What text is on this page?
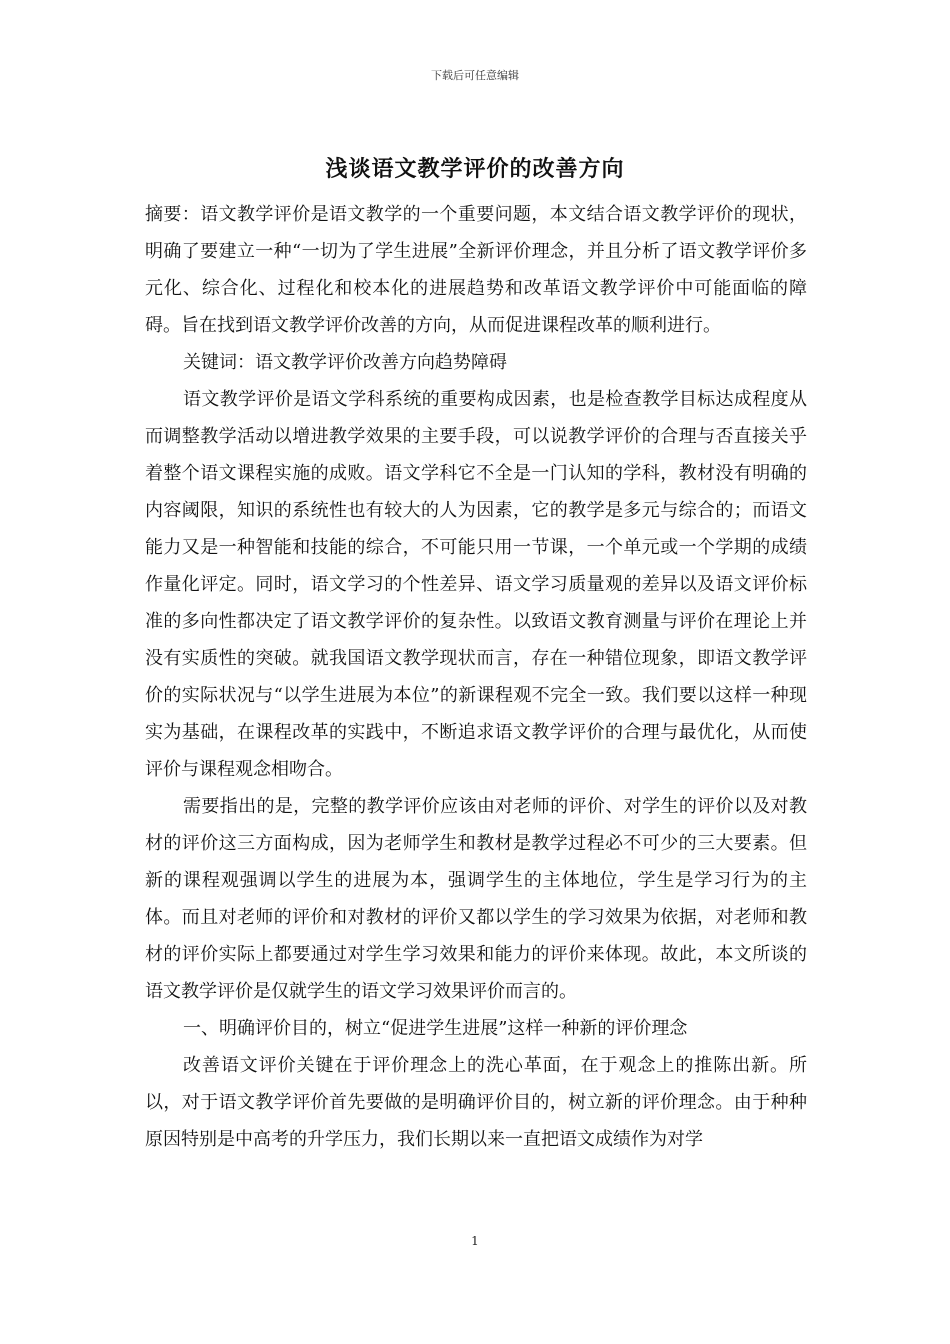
下载后可任意编辑
浅谈语文教学评价的改善方向

摘要：语文教学评价是语文教学的一个重要问题，本文结合语文教学评价的现状，明确了要建立一种“一切为了学生进展”全新评价理念，并且分析了语文教学评价多元化、综合化、过程化和校本化的进展趋势和改革语文教学评价中可能面临的障碍。旨在找到语文教学评价改善的方向，从而促进课程改革的顺利进行。

关键词：语文教学评价改善方向趋势障碍

语文教学评价是语文学科系统的重要构成因素，也是检查教学目标达成程度从而调整教学活动以增进教学效果的主要手段，可以说教学评价的合理与否直接关乎着整个语文课程实施的成败。语文学科它不全是一门认知的学科，教材没有明确的内容阈限，知识的系统性也有较大的人为因素，它的教学是多元与综合的；而语文能力又是一种智能和技能的综合，不可能只用一节课，一个单元或一个学期的成绩作量化评定。同时，语文学习的个性差异、语文学习质量观的差异以及语文评价标准的多向性都决定了语文教学评价的复杂性。以致语文教育测量与评价在理论上并没有实质性的突破。就我国语文教学现状而言，存在一种错位现象，即语文教学评价的实际状况与“以学生进展为本位”的新课程观不完全一致。我们要以这样一种现实为基础，在课程改革的实践中，不断追求语文教学评价的合理与最优化，从而使评价与课程观念相吻合。

需要指出的是，完整的教学评价应该由对老师的评价、对学生的评价以及对教材的评价这三方面构成，因为老师学生和教材是教学过程必不可少的三大要素。但新的课程观强调以学生的进展为本，强调学生的主体地位，学生是学习行为的主体。而且对老师的评价和对教材的评价又都以学生的学习效果为依据，对老师和教材的评价实际上都要通过对学生学习效果和能力的评价来体现。故此，本文所谈的语文教学评价是仅就学生的语文学习效果评价而言的。

一、明确评价目的，树立“促进学生进展”这样一种新的评价理念

改善语文评价关键在于评价理念上的洗心革面，在于观念上的推陈出新。所以，对于语文教学评价首先要做的是明确评价目的，树立新的评价理念。由于种种原因特别是中高考的升学压力，我们长期以来一直把语文成绩作为对学

1
